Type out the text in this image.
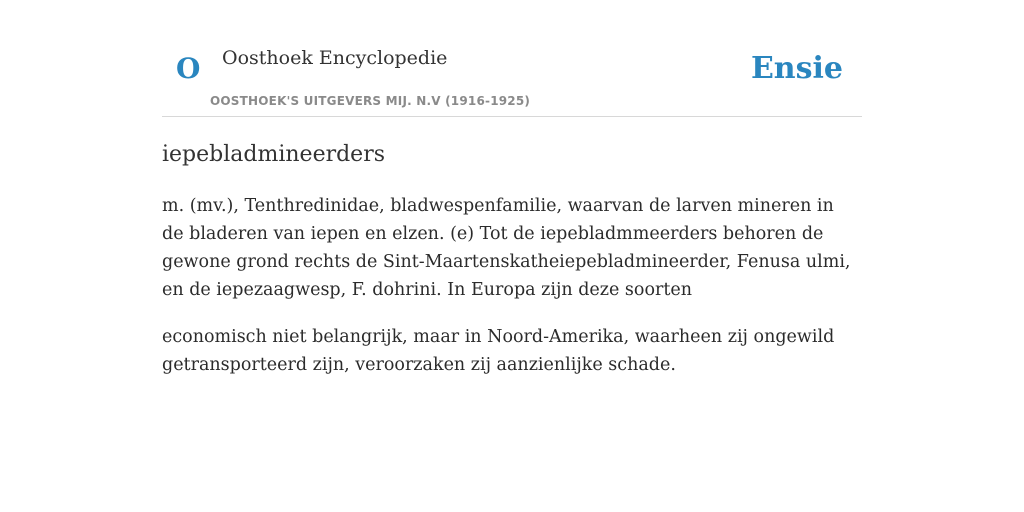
O Oosthoek Encyclopedie
OOSTHOEK'S UITGEVERS MIJ. N.V (1916-1925)
Ensie
iepebladmineerders

m. (mv.), Tenthredinidae, bladwespenfamilie, waarvan de larven mineren in de bladeren van iepen en elzen. (e) Tot de iepebladmmeerders behoren de gewone grond rechts de Sint-Maartenskatheiepebladmineerder, Fenusa ulmi, en de iepezaagwesp, F. dohrini. In Europa zijn deze soorten

economisch niet belangrijk, maar in Noord-Amerika, waarheen zij ongewild getransporteerd zijn, veroorzaken zij aanzienlijke schade.
